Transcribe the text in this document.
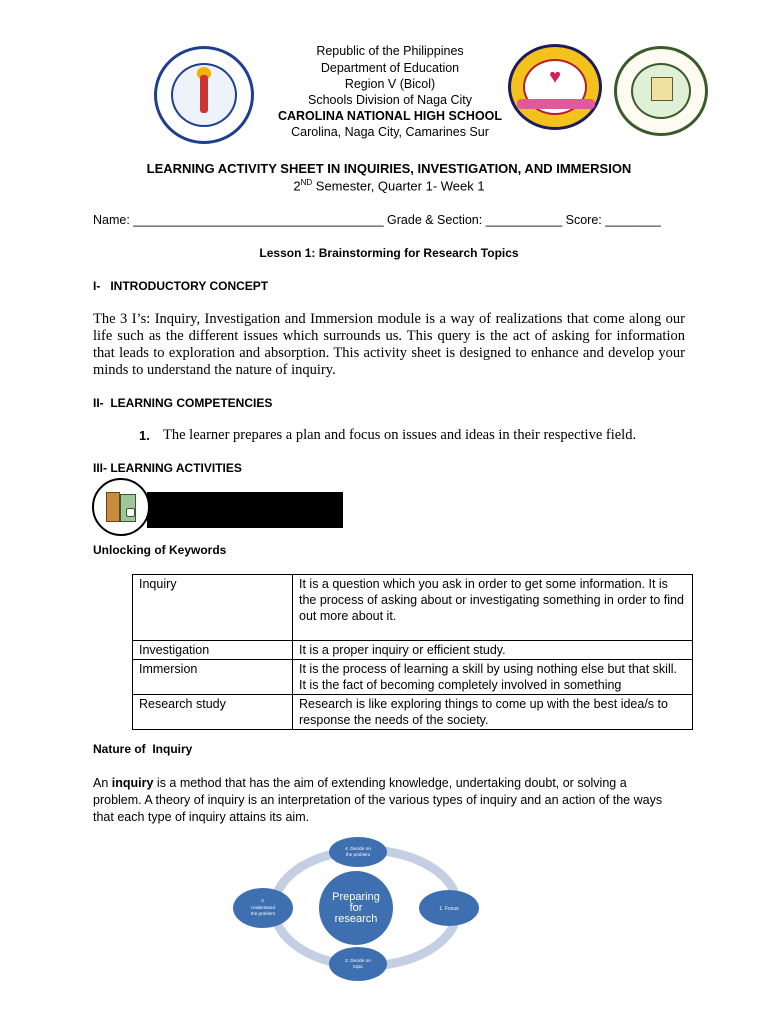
♥
Republic of the Philippines
Department of Education
Region V (Bicol)
Schools Division of Naga City
CAROLINA NATIONAL HIGH SCHOOL
Carolina, Naga City, Camarines Sur
LEARNING ACTIVITY SHEET IN INQUIRIES, INVESTIGATION, AND IMMERSION
2ND Semester, Quarter 1- Week 1
Name: ____________________________________ Grade & Section: ___________ Score: ________
Lesson 1: Brainstorming for Research Topics
I-   INTRODUCTORY CONCEPT
The 3 I’s: Inquiry, Investigation and Immersion module is a way of realizations that come along our life such as the different issues which surrounds us. This query is the act of asking for information that leads to exploration and absorption. This activity sheet is designed to enhance and develop your minds to understand the nature of inquiry.
II-  LEARNING COMPETENCIES
1. The learner prepares a plan and focus on issues and ideas in their respective field.
III- LEARNING ACTIVITIES
Unlocking of Keywords
Inquiry	It is a question which you ask in order to get some information. It is the process of asking about or investigating something in order to find out more about it.
Investigation	It is a proper inquiry or efficient study.
Immersion	It is the process of learning a skill by using nothing else but that skill. It is the fact of becoming completely involved in something
Research study	Research is like exploring things to come up with the best idea/s to response the needs of the society.
Nature of  Inquiry
An inquiry is a method that has the aim of extending knowledge, undertaking doubt, or solving a problem. A theory of inquiry is an interpretation of the various types of inquiry and an action of the ways that each type of inquiry attains its aim.
4. Decide on
the problem
1. Focus
2. Decide on
topic
3.
Understand
the problem
Preparing
for
research
